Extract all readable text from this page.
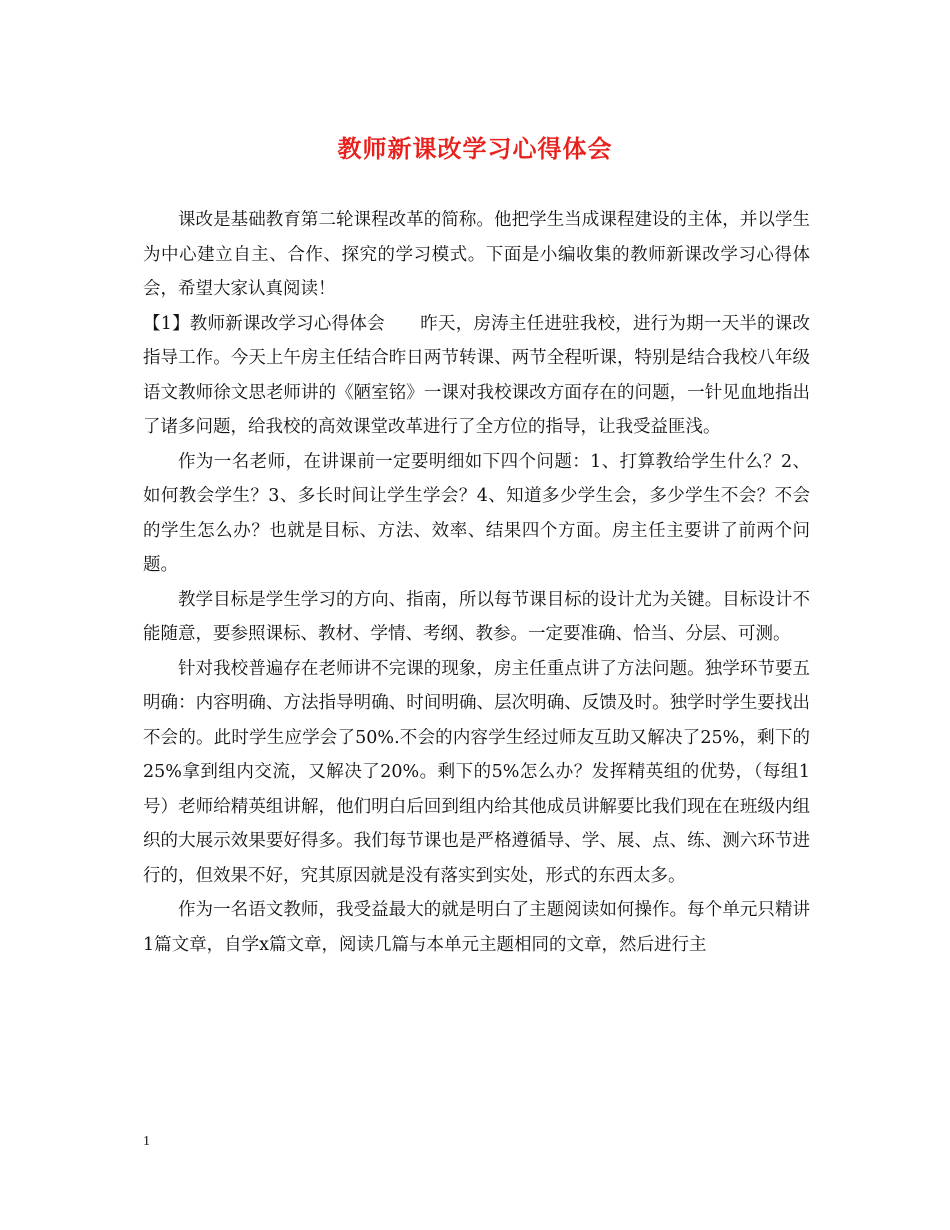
教师新课改学习心得体会

课改是基础教育第二轮课程改革的简称。他把学生当成课程建设的主体，并以学生为中心建立自主、合作、探究的学习模式。下面是小编收集的教师新课改学习心得体会，希望大家认真阅读！

【1】教师新课改学习心得体会　　昨天，房涛主任进驻我校，进行为期一天半的课改指导工作。今天上午房主任结合昨日两节转课、两节全程听课，特别是结合我校八年级语文教师徐文思老师讲的《陋室铭》一课对我校课改方面存在的问题，一针见血地指出了诸多问题，给我校的高效课堂改革进行了全方位的指导，让我受益匪浅。

作为一名老师，在讲课前一定要明细如下四个问题：1、打算教给学生什么？2、如何教会学生？3、多长时间让学生学会？4、知道多少学生会，多少学生不会？不会的学生怎么办？也就是目标、方法、效率、结果四个方面。房主任主要讲了前两个问题。

教学目标是学生学习的方向、指南，所以每节课目标的设计尤为关键。目标设计不能随意，要参照课标、教材、学情、考纲、教参。一定要准确、恰当、分层、可测。

针对我校普遍存在老师讲不完课的现象，房主任重点讲了方法问题。独学环节要五明确：内容明确、方法指导明确、时间明确、层次明确、反馈及时。独学时学生要找出不会的。此时学生应学会了50%.不会的内容学生经过师友互助又解决了25%，剩下的25%拿到组内交流，又解决了20%。剩下的5%怎么办？发挥精英组的优势，（每组1号）老师给精英组讲解，他们明白后回到组内给其他成员讲解要比我们现在在班级内组织的大展示效果要好得多。我们每节课也是严格遵循导、学、展、点、练、测六环节进行的，但效果不好，究其原因就是没有落实到实处，形式的东西太多。

作为一名语文教师，我受益最大的就是明白了主题阅读如何操作。每个单元只精讲1篇文章，自学x篇文章，阅读几篇与本单元主题相同的文章，然后进行主

1
